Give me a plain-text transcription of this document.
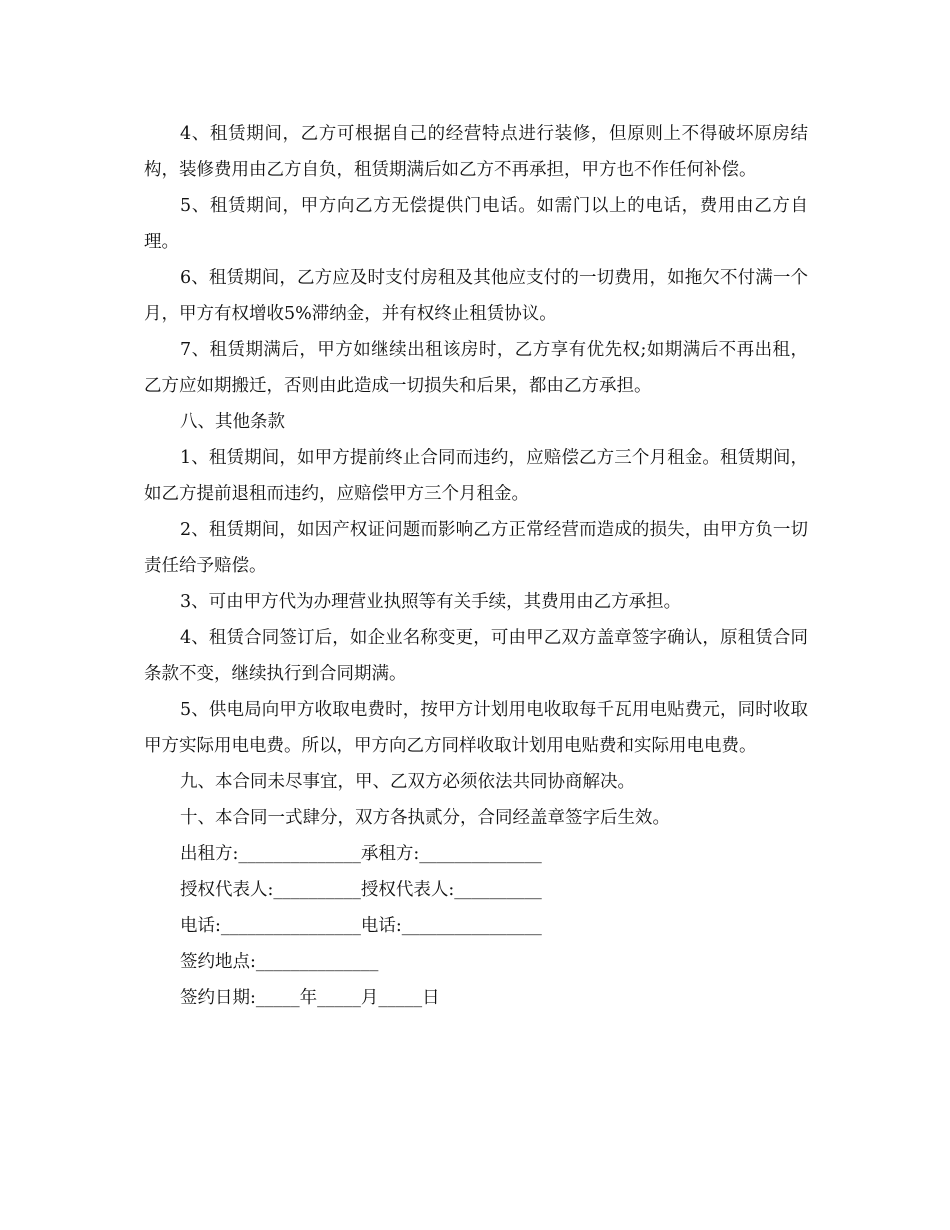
4、租赁期间，乙方可根据自己的经营特点进行装修，但原则上不得破坏原房结构，装修费用由乙方自负，租赁期满后如乙方不再承担，甲方也不作任何补偿。

5、租赁期间，甲方向乙方无偿提供门电话。如需门以上的电话，费用由乙方自理。

6、租赁期间，乙方应及时支付房租及其他应支付的一切费用，如拖欠不付满一个月，甲方有权增收5%滞纳金，并有权终止租赁协议。

7、租赁期满后，甲方如继续出租该房时，乙方享有优先权;如期满后不再出租，乙方应如期搬迁，否则由此造成一切损失和后果，都由乙方承担。

八、其他条款

1、租赁期间，如甲方提前终止合同而违约，应赔偿乙方三个月租金。租赁期间，如乙方提前退租而违约，应赔偿甲方三个月租金。

2、租赁期间，如因产权证问题而影响乙方正常经营而造成的损失，由甲方负一切责任给予赔偿。

3、可由甲方代为办理营业执照等有关手续，其费用由乙方承担。

4、租赁合同签订后，如企业名称变更，可由甲乙双方盖章签字确认，原租赁合同条款不变，继续执行到合同期满。

5、供电局向甲方收取电费时，按甲方计划用电收取每千瓦用电贴费元，同时收取甲方实际用电电费。所以，甲方向乙方同样收取计划用电贴费和实际用电电费。

九、本合同未尽事宜，甲、乙双方必须依法共同协商解决。

十、本合同一式肆分，双方各执贰分，合同经盖章签字后生效。

出租方:______________承租方:______________

授权代表人:__________授权代表人:__________

电话:________________电话:________________

签约地点:______________

签约日期:_____年_____月_____日
